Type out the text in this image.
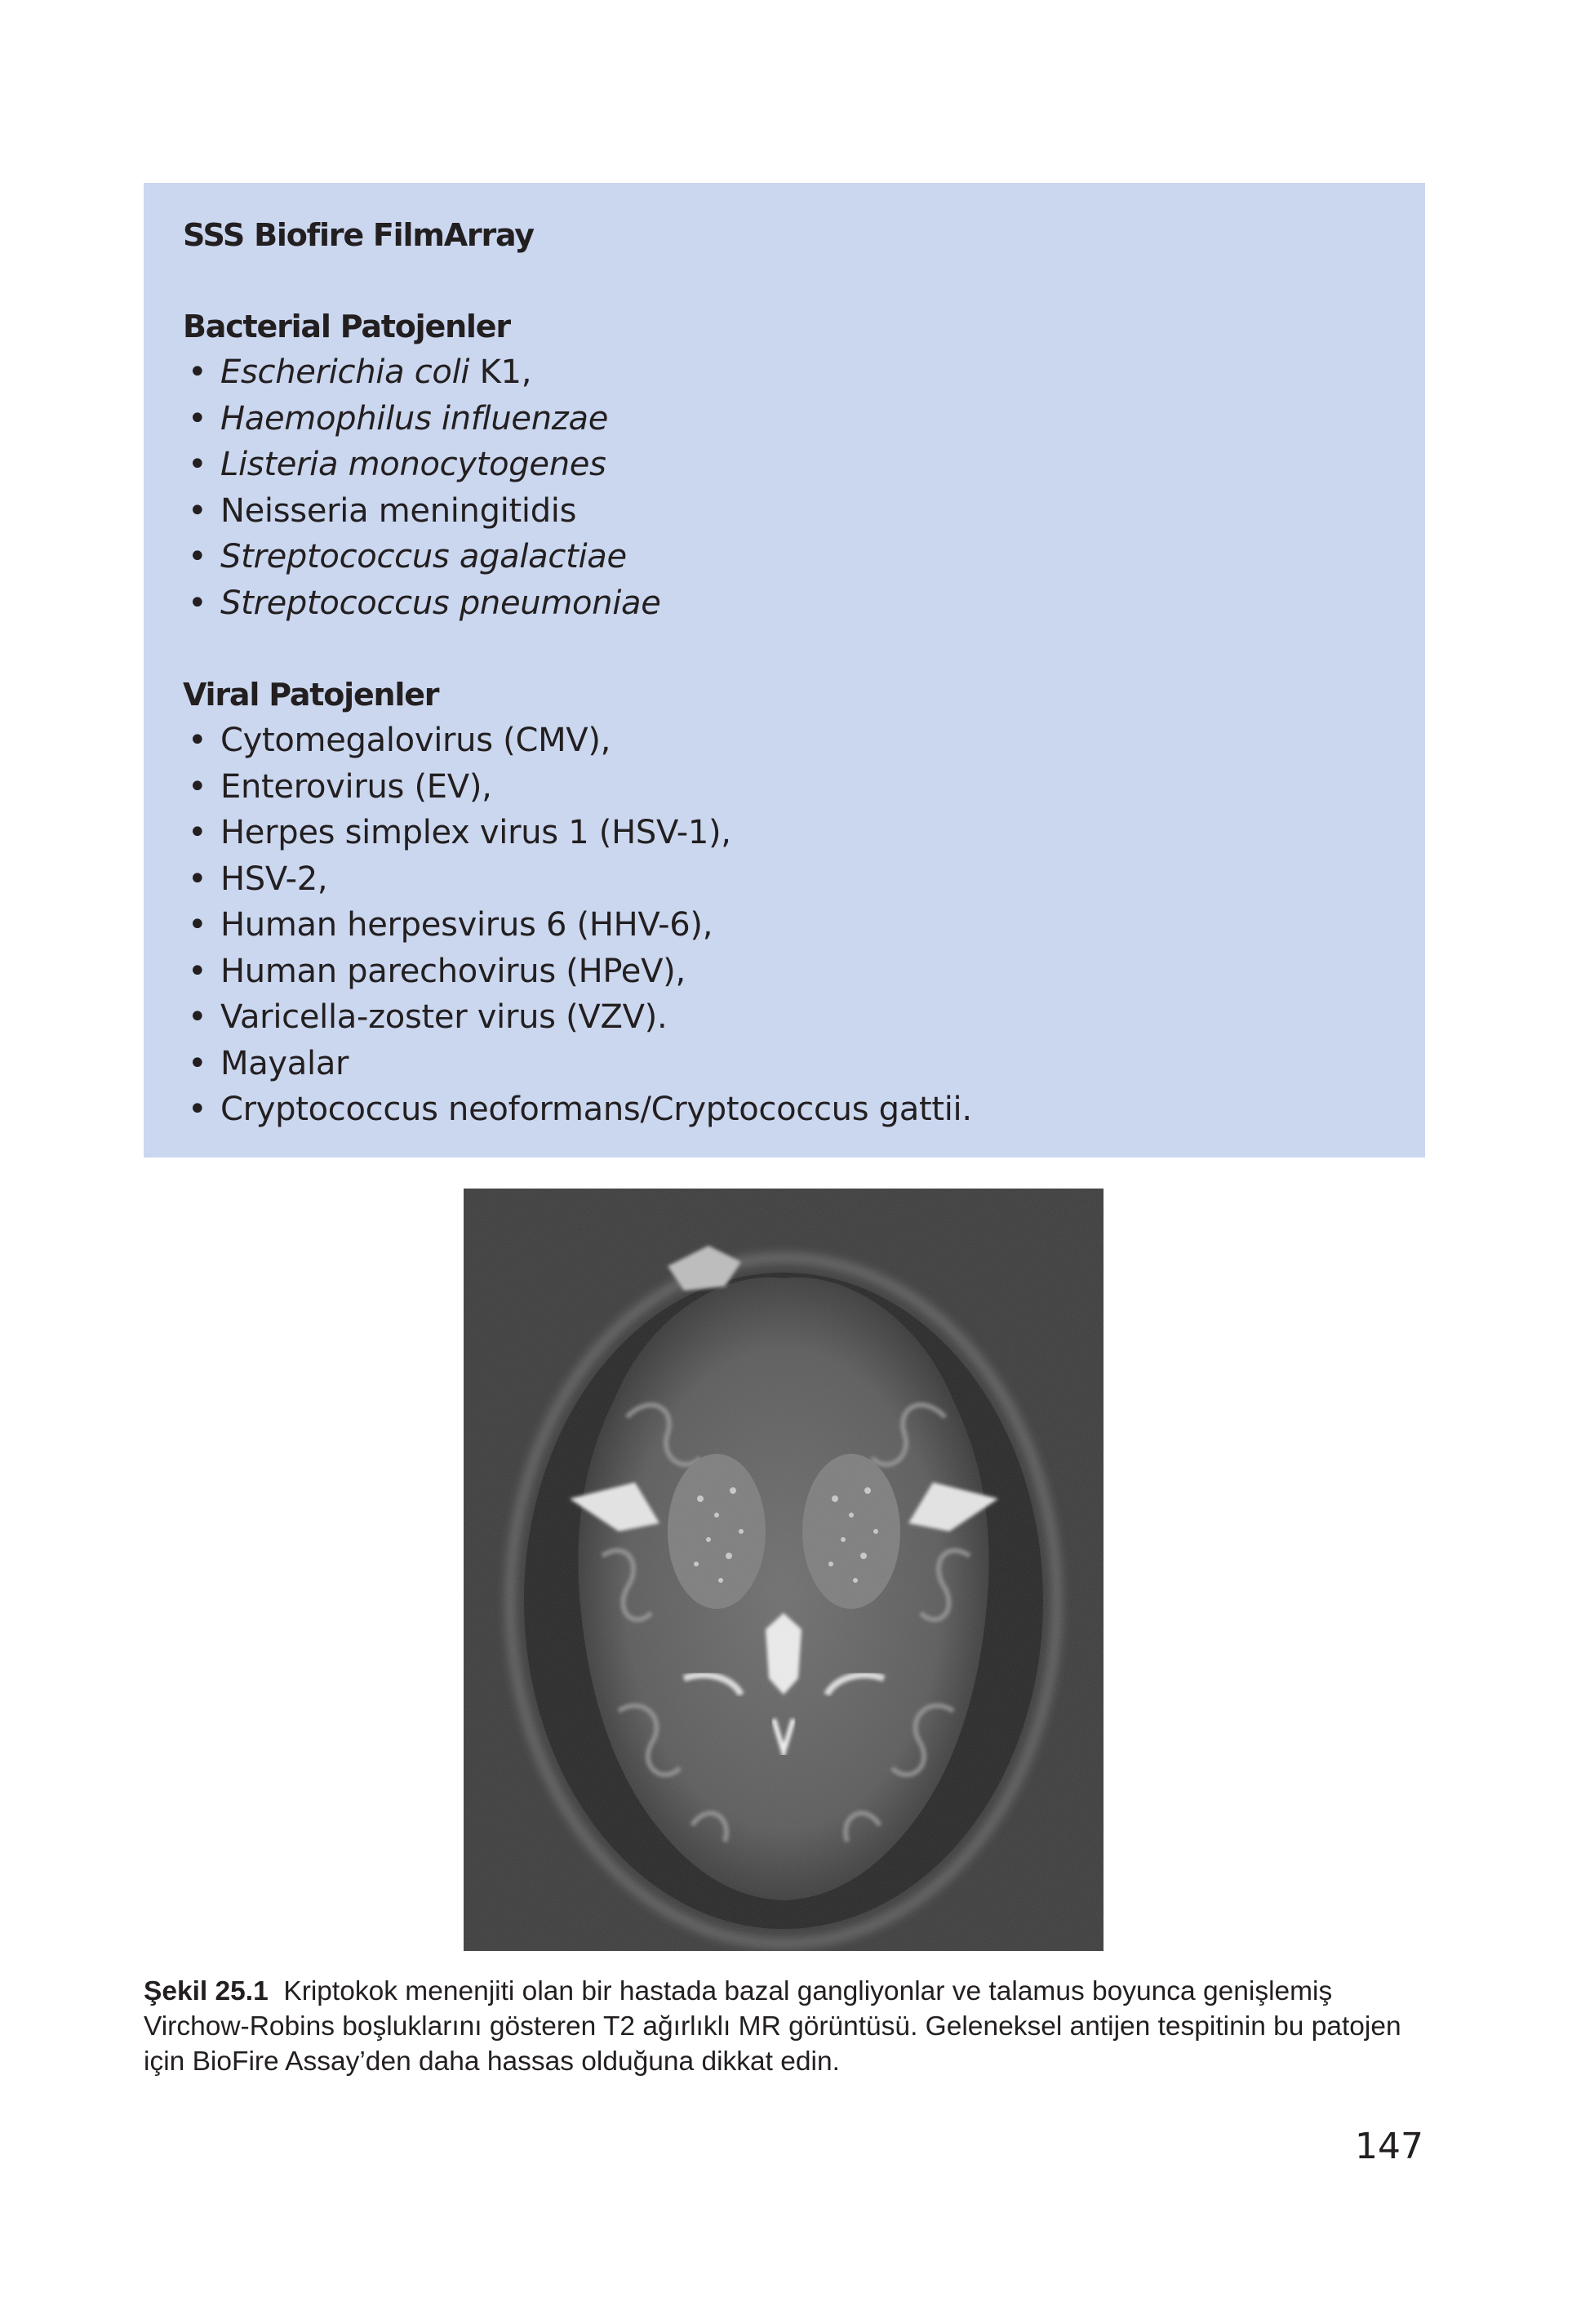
SSS Biofire FilmArray
Bacterial Patojenler
• Escherichia coli K1,
• Haemophilus influenzae
• Listeria monocytogenes
• Neisseria meningitidis
• Streptococcus agalactiae
• Streptococcus pneumoniae
Viral Patojenler
• Cytomegalovirus (CMV),
• Enterovirus (EV),
• Herpes simplex virus 1 (HSV-1),
• HSV-2,
• Human herpesvirus 6 (HHV-6),
• Human parechovirus (HPeV),
• Varicella-zoster virus (VZV).
• Mayalar
• Cryptococcus neoformans/Cryptococcus gattii.
Şekil 25.1 Kriptokok menenjiti olan bir hastada bazal gangliyonlar ve talamus boyunca genişlemiş Virchow-Robins boşluklarını gösteren T2 ağırlıklı MR görüntüsü. Geleneksel antijen tespitinin bu patojen için BioFire Assay’den daha hassas olduğuna dikkat edin.
147
